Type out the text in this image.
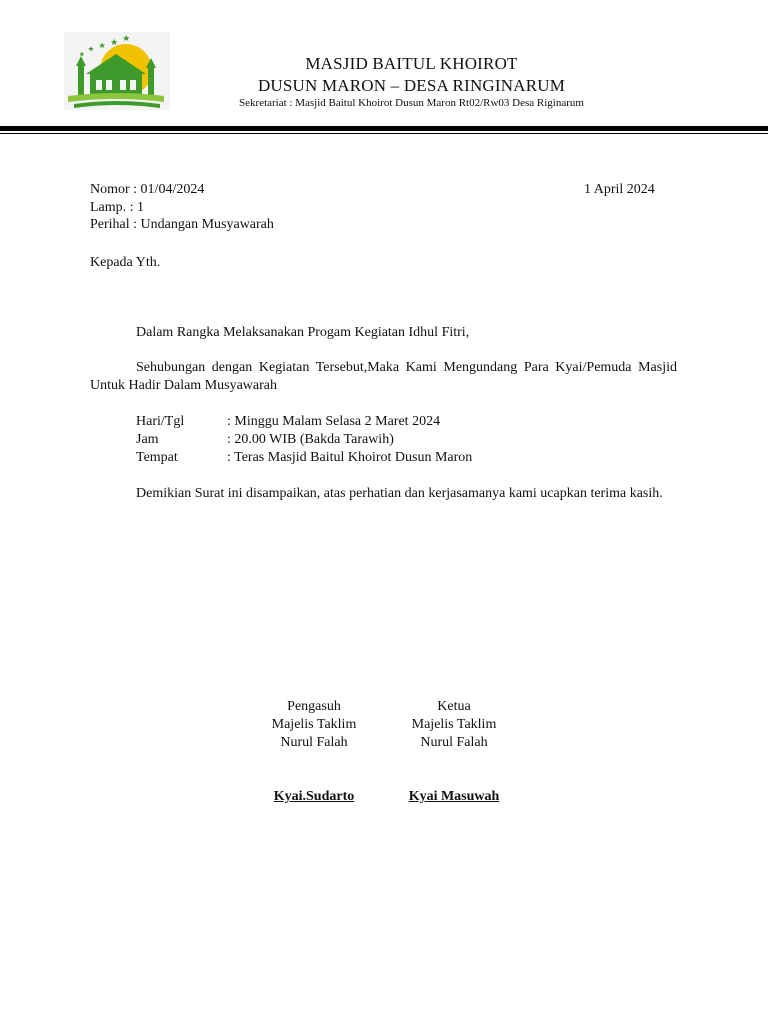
MASJID BAITUL KHOIROT
DUSUN MARON – DESA RINGINARUM
Sekretariat : Masjid Baitul Khoirot Dusun Maron Rt02/Rw03 Desa Riginarum
Nomor : 01/04/2024	1 April 2024
Lamp. : 1
Perihal : Undangan Musyawarah
Kepada Yth.
Dalam Rangka Melaksanakan Progam Kegiatan Idhul Fitri,
Sehubungan dengan Kegiatan Tersebut,Maka Kami Mengundang Para Kyai/Pemuda Masjid Untuk Hadir Dalam Musyawarah
Hari/Tgl	: Minggu Malam Selasa 2 Maret 2024
Jam	: 20.00 WIB (Bakda Tarawih)
Tempat	: Teras Masjid Baitul Khoirot Dusun Maron
Demikian Surat ini disampaikan, atas perhatian dan kerjasamanya kami ucapkan terima kasih.
Pengasuh
Majelis Taklim
Nurul Falah
Kyai.Sudarto
Ketua
Majelis Taklim
Nurul Falah
Kyai Masuwah
